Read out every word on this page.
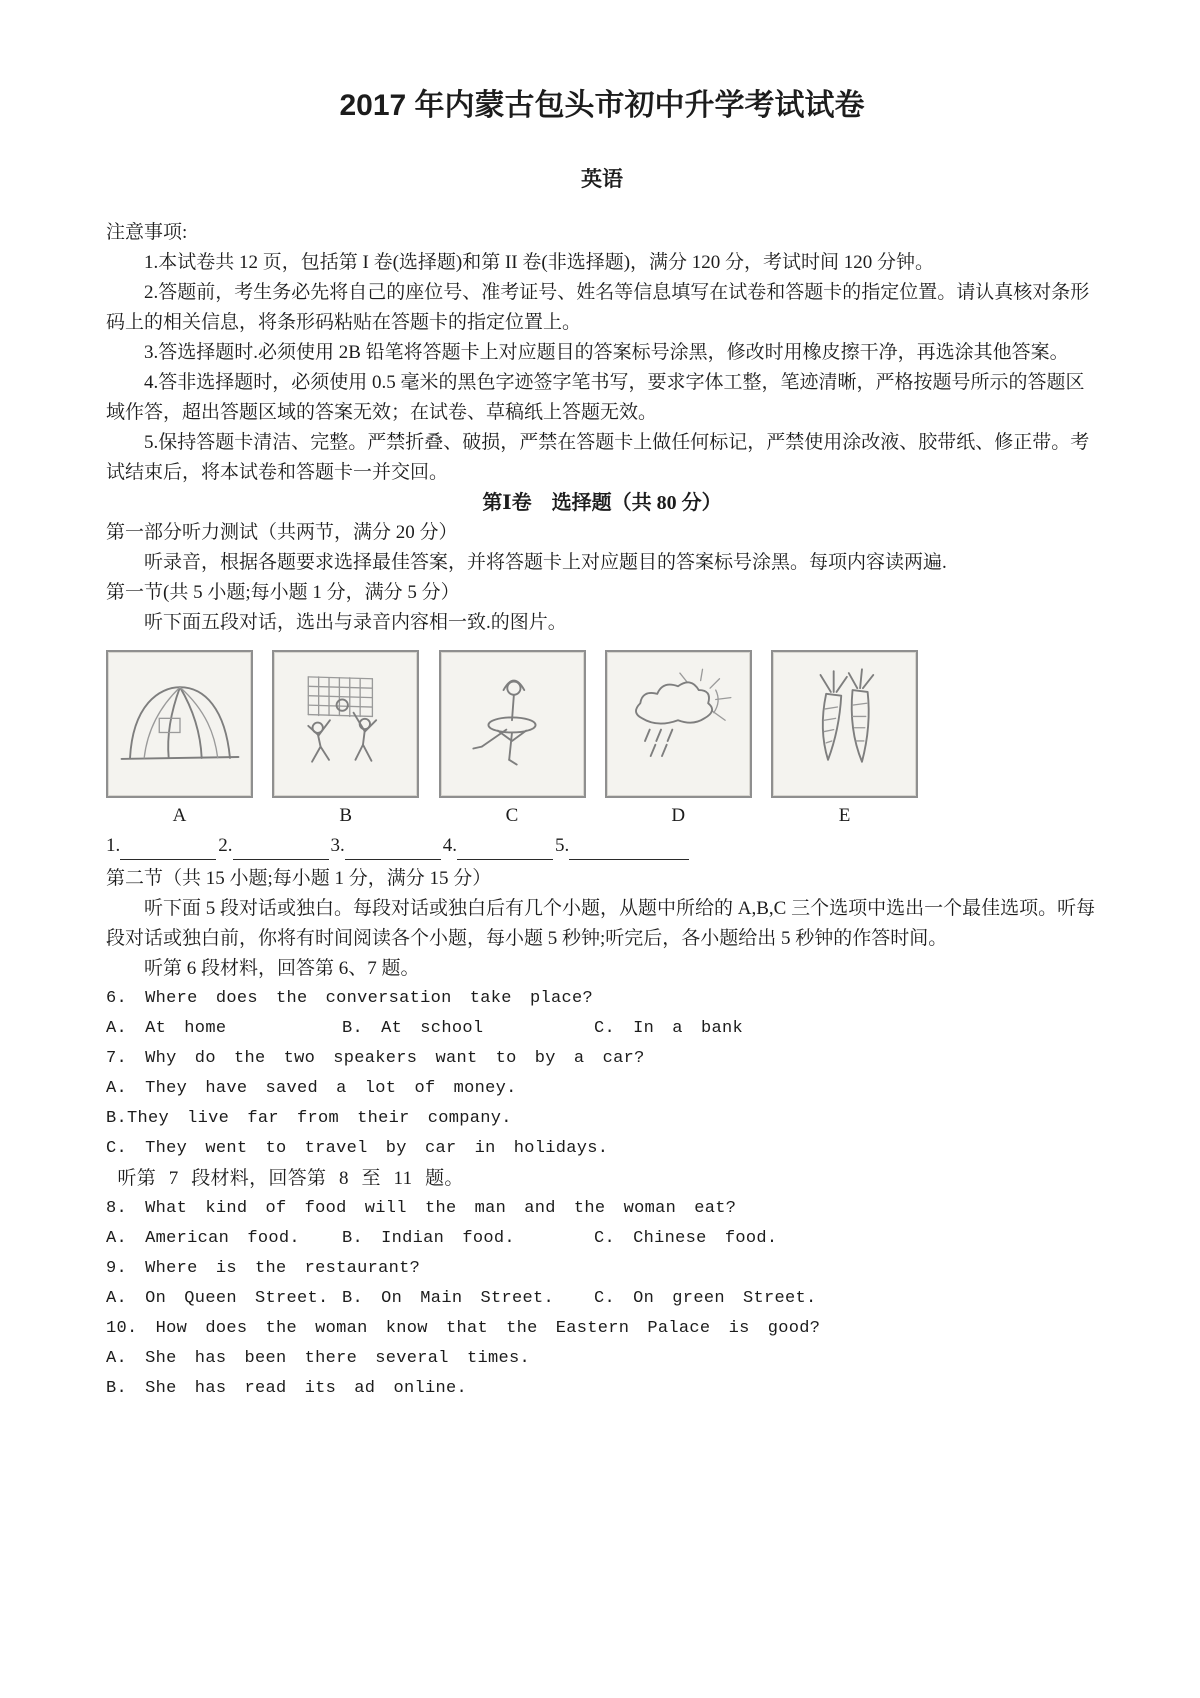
2017 年内蒙古包头市初中升学考试试卷
英语

注意事项:

1.本试卷共 12 页，包括第 I 卷(选择题)和第 II 卷(非选择题)，满分 120 分，考试时间 120 分钟。

2.答题前，考生务必先将自己的座位号、准考证号、姓名等信息填写在试卷和答题卡的指定位置。请认真核对条形码上的相关信息，将条形码粘贴在答题卡的指定位置上。

3.答选择题时.必须使用 2B 铅笔将答题卡上对应题目的答案标号涂黑，修改时用橡皮擦干净，再选涂其他答案。

4.答非选择题时，必须使用 0.5 毫米的黑色字迹签字笔书写，要求字体工整，笔迹清晰，严格按题号所示的答题区域作答，超出答题区域的答案无效；在试卷、草稿纸上答题无效。

5.保持答题卡清洁、完整。严禁折叠、破损，严禁在答题卡上做任何标记，严禁使用涂改液、胶带纸、修正带。考试结束后，将本试卷和答题卡一并交回。

第Ⅰ卷　选择题（共 80 分）

第一部分听力测试（共两节，满分 20 分）

听录音，根据各题要求选择最佳答案，并将答题卡上对应题目的答案标号涂黑。每项内容读两遍.

第一节(共 5 小题;每小题 1 分，满分 5 分）

听下面五段对话，选出与录音内容相一致.的图片。

A	B	C	D	E
1.	2.	3.	4.	5.

第二节（共 15 小题;每小题 1 分，满分 15 分）

听下面 5 段对话或独白。每段对话或独白后有几个小题，从题中所给的 A,B,C 三个选项中选出一个最佳选项。听每段对话或独白前，你将有时间阅读各个小题，每小题 5 秒钟;听完后，各小题给出 5 秒钟的作答时间。

听第 6 段材料，回答第 6、7 题。

6. Where does the conversation take place?

A. At home	B. At school	C. In a bank

7. Why do the two speakers want to by a car?

A. They have saved a lot of money.

B.They live far from their company.

C. They went to travel by car in holidays.

听第 7 段材料，回答第 8 至 11 题。

8. What kind of food will the man and the woman eat?

A. American food.	B. Indian food.	C. Chinese food.

9. Where is the restaurant?

A. On Queen Street. B. On Main Street.	C. On green Street.

10. How does the woman know that the Eastern Palace is good?

A. She has been there several times.

B. She has read its ad online.
